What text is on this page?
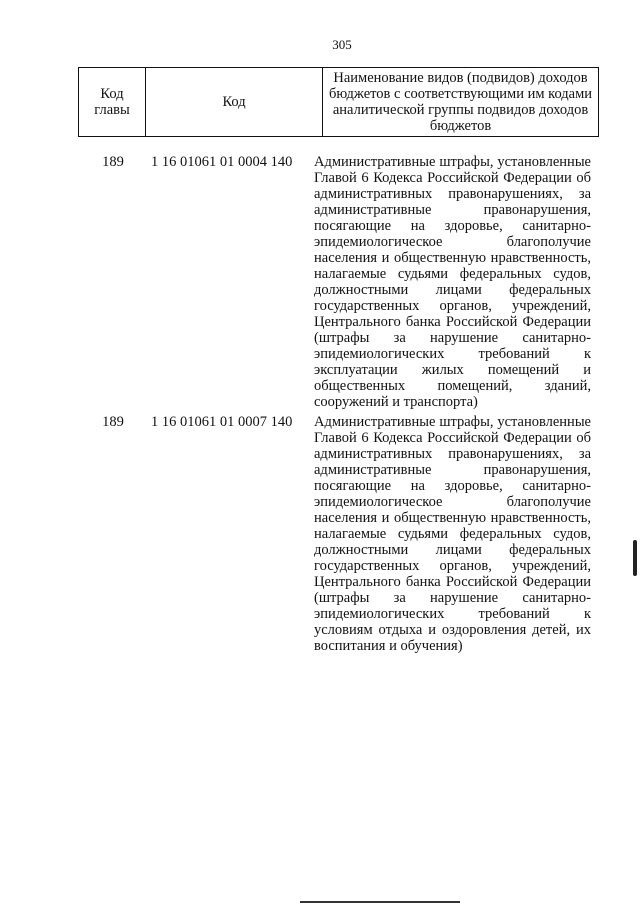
305
Код главы	Код	Наименование видов (подвидов) доходов бюджетов с соответствующими им кодами аналитической группы подвидов доходов бюджетов
189	1 16 01061 01 0004 140	Административные штрафы, установленные Главой 6 Кодекса Российской Федерации об административных правонарушениях, за административные правонарушения, посягающие на здоровье, санитарно-эпидемиологическое благополучие населения и общественную нравственность, налагаемые судьями федеральных судов, должностными лицами федеральных государственных органов, учреждений, Центрального банка Российской Федерации (штрафы за нарушение санитарно-эпидемиологических требований к эксплуатации жилых помещений и общественных помещений, зданий, сооружений и транспорта)
189	1 16 01061 01 0007 140	Административные штрафы, установленные Главой 6 Кодекса Российской Федерации об административных правонарушениях, за административные правонарушения, посягающие на здоровье, санитарно-эпидемиологическое благополучие населения и общественную нравственность, налагаемые судьями федеральных судов, должностными лицами федеральных государственных органов, учреждений, Центрального банка Российской Федерации (штрафы за нарушение санитарно-эпидемиологических требований к условиям отдыха и оздоровления детей, их воспитания и обучения)
